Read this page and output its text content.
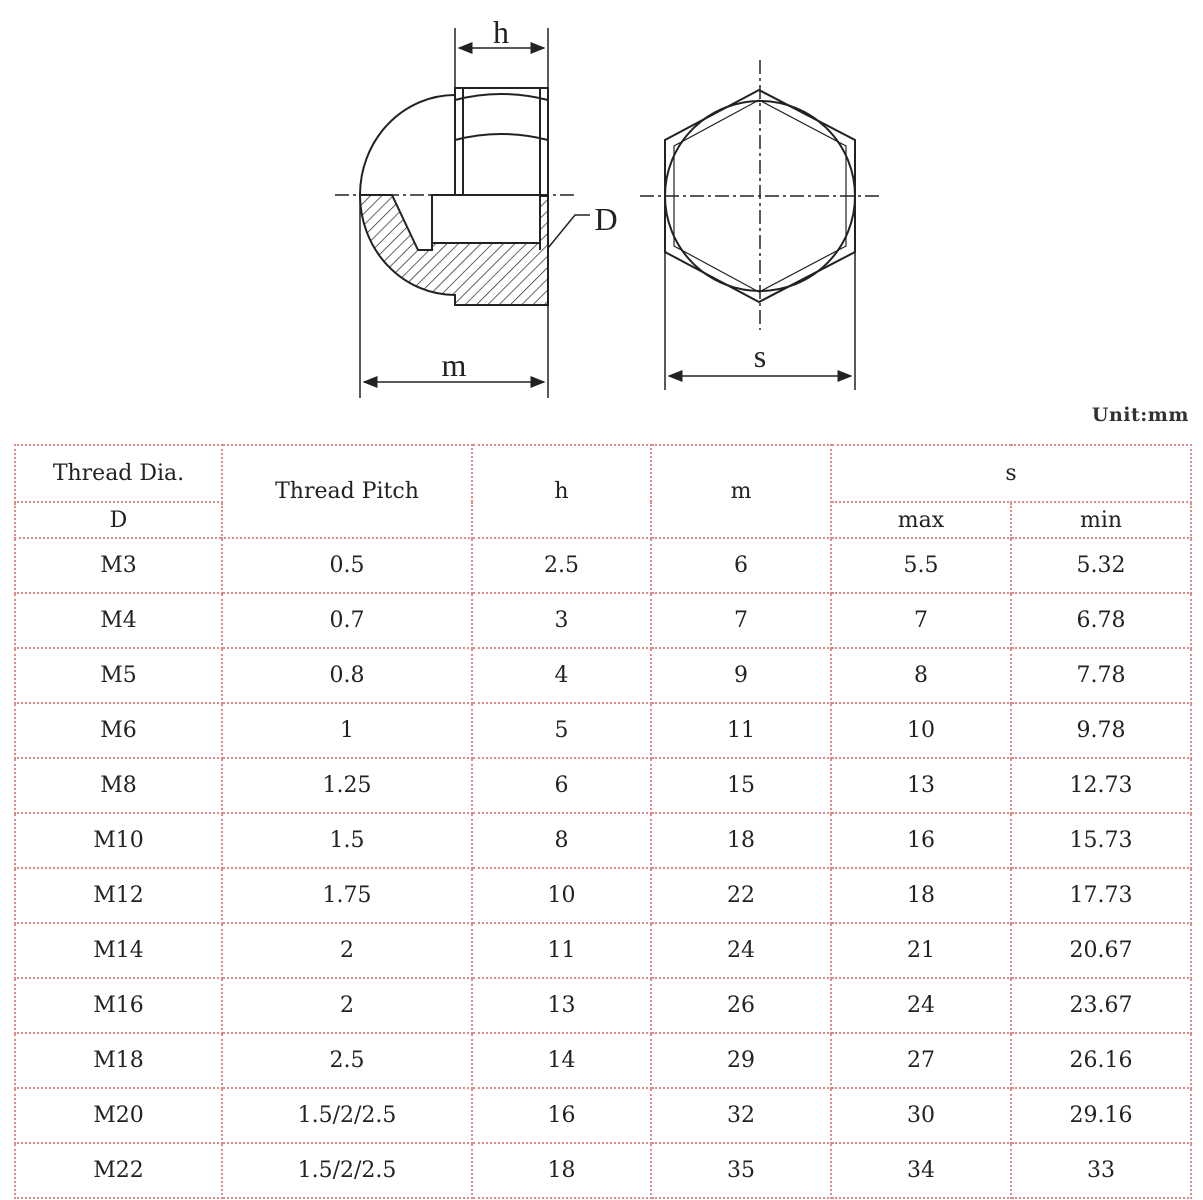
h
m
D
s
Unit:mm
Thread Dia.	Thread Pitch	h	m	s	
D				max	min
M3	0.5	2.5	6	5.5	5.32
M4	0.7	3	7	7	6.78
M5	0.8	4	9	8	7.78
M6	1	5	11	10	9.78
M8	1.25	6	15	13	12.73
M10	1.5	8	18	16	15.73
M12	1.75	10	22	18	17.73
M14	2	11	24	21	20.67
M16	2	13	26	24	23.67
M18	2.5	14	29	27	26.16
M20	1.5/2/2.5	16	32	30	29.16
M22	1.5/2/2.5	18	35	34	33
